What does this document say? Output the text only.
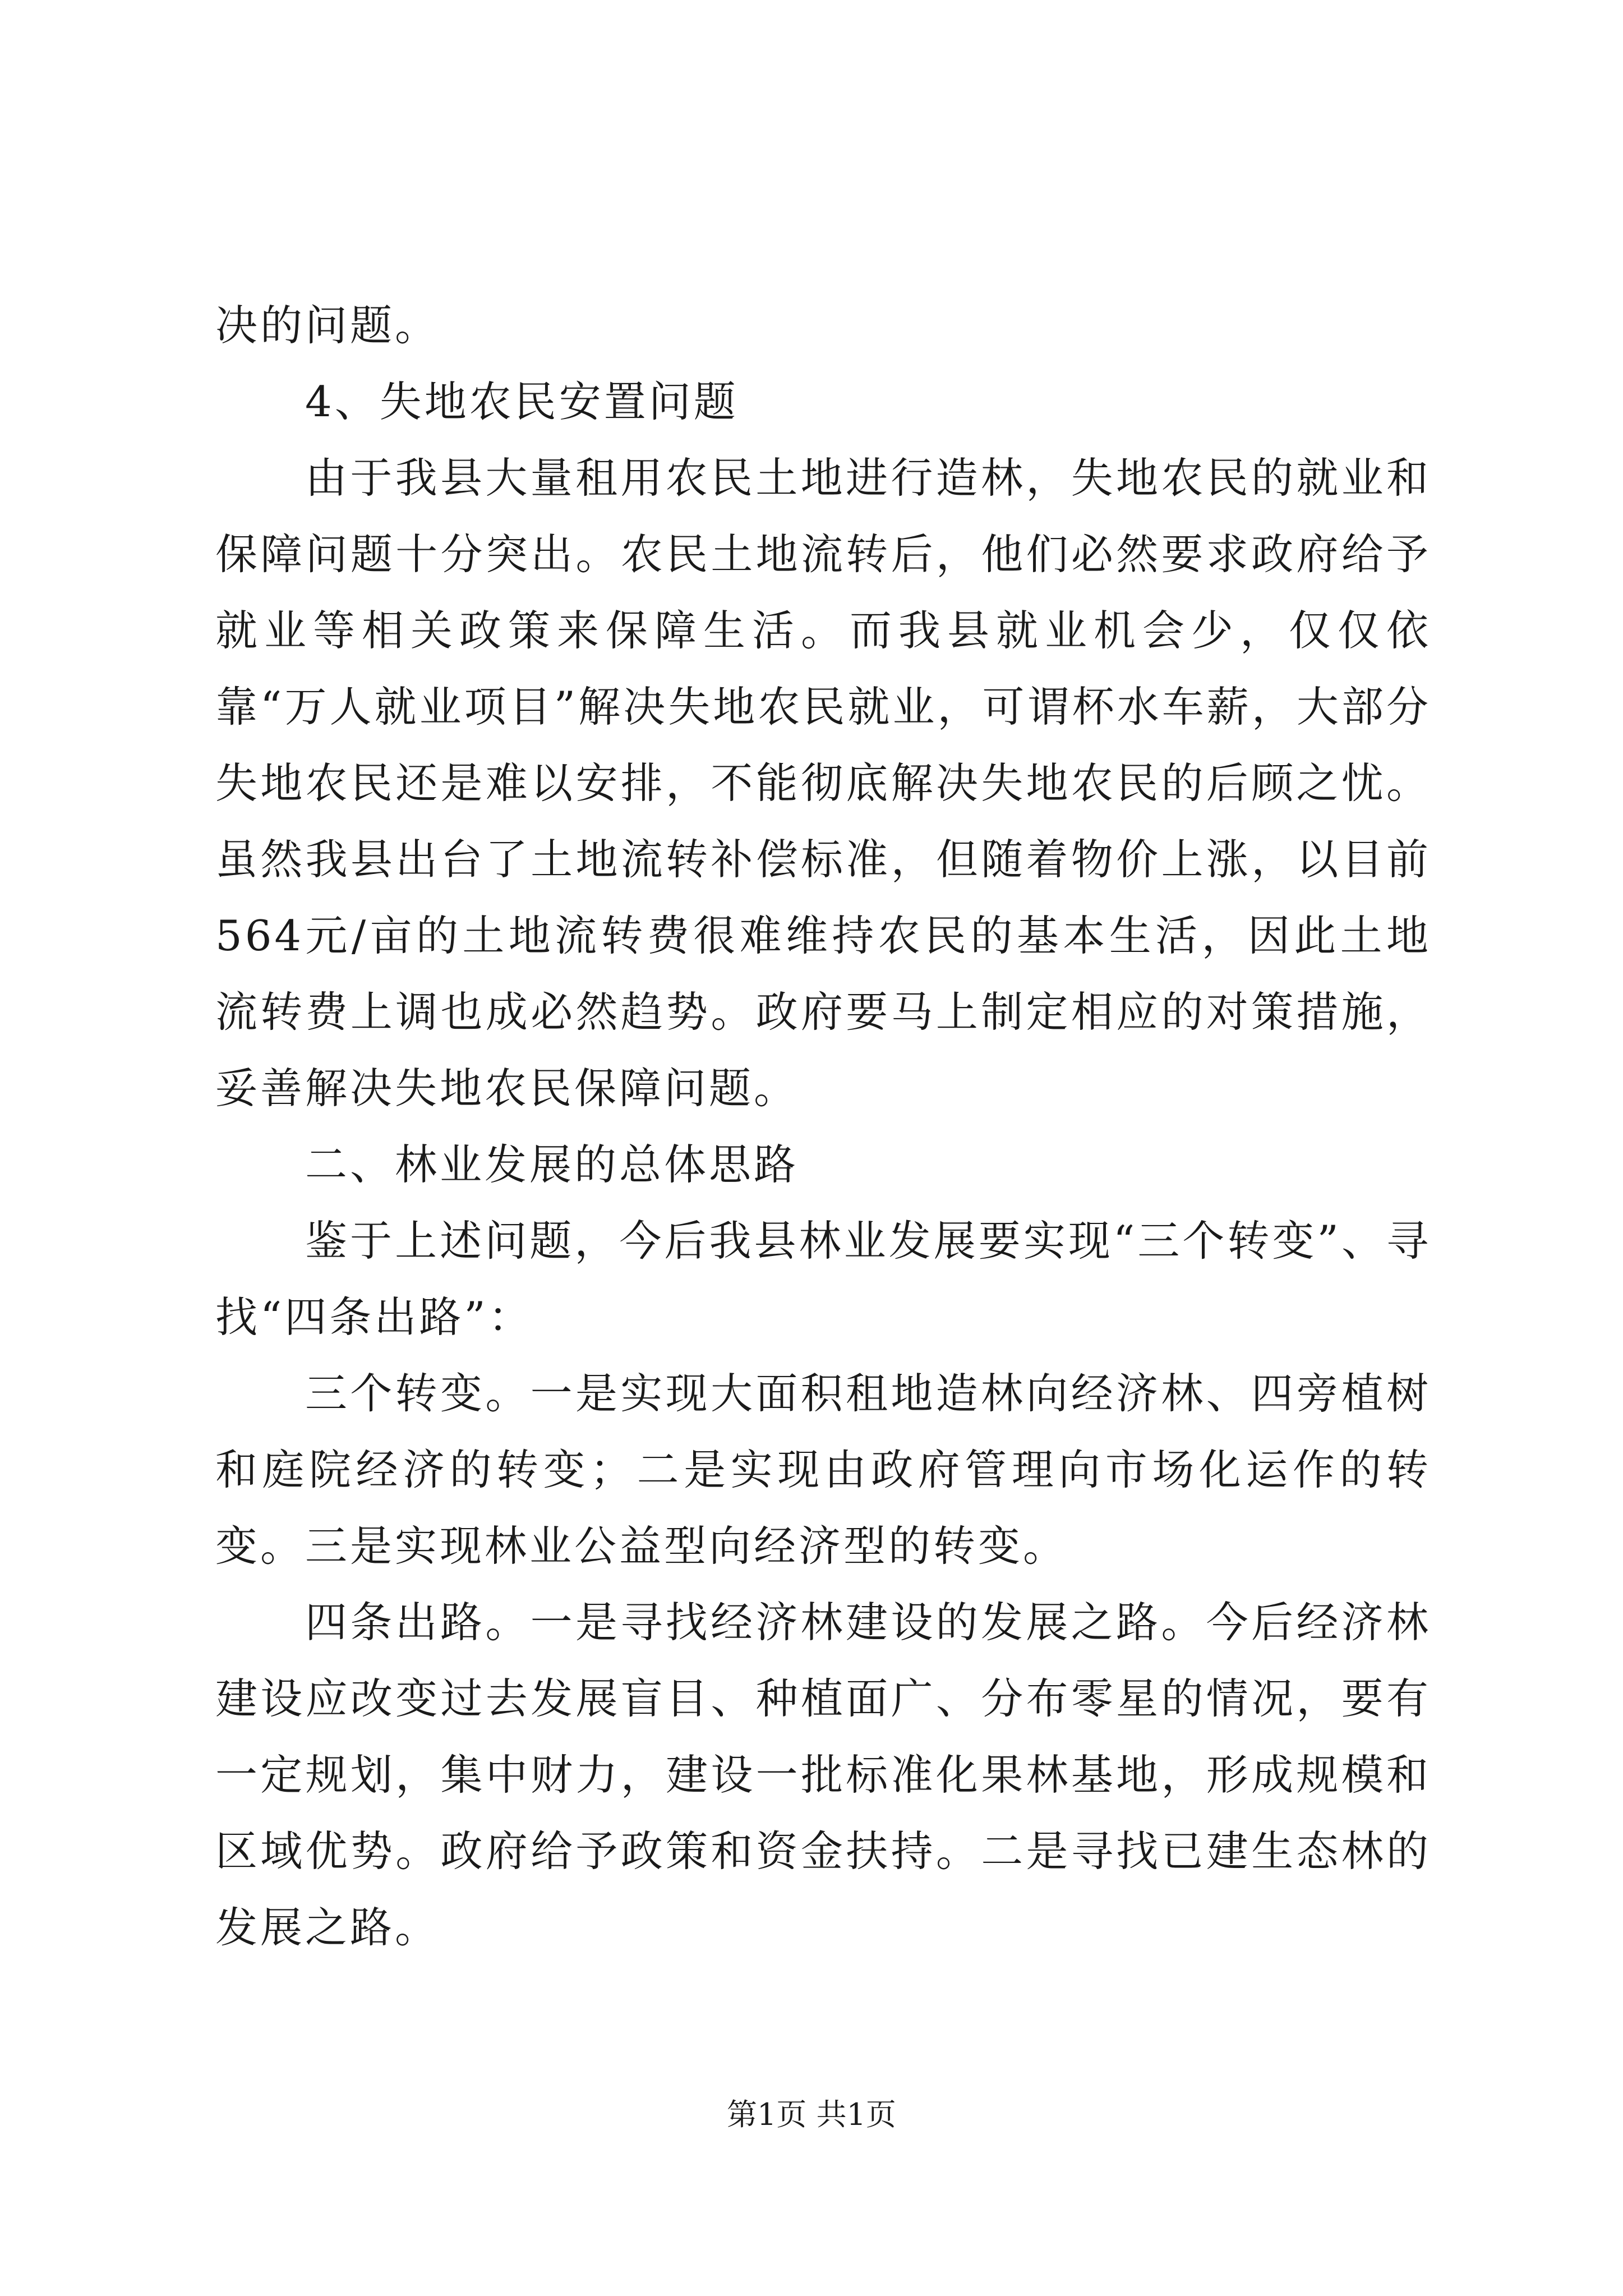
决的问题。

4、失地农民安置问题

由于我县大量租用农民土地进行造林，失地农民的就业和保障问题十分突出。农民土地流转后，他们必然要求政府给予就业等相关政策来保障生活。而我县就业机会少，仅仅依靠“万人就业项目”解决失地农民就业，可谓杯水车薪，大部分失地农民还是难以安排，不能彻底解决失地农民的后顾之忧。虽然我县出台了土地流转补偿标准，但随着物价上涨，以目前564元/亩的土地流转费很难维持农民的基本生活，因此土地流转费上调也成必然趋势。政府要马上制定相应的对策措施，妥善解决失地农民保障问题。

二、林业发展的总体思路

鉴于上述问题，今后我县林业发展要实现“三个转变”、寻找“四条出路”：

三个转变。一是实现大面积租地造林向经济林、四旁植树和庭院经济的转变；二是实现由政府管理向市场化运作的转变。三是实现林业公益型向经济型的转变。

四条出路。一是寻找经济林建设的发展之路。今后经济林建设应改变过去发展盲目、种植面广、分布零星的情况，要有一定规划，集中财力，建设一批标准化果林基地，形成规模和区域优势。政府给予政策和资金扶持。二是寻找已建生态林的发展之路。

第1页 共1页
